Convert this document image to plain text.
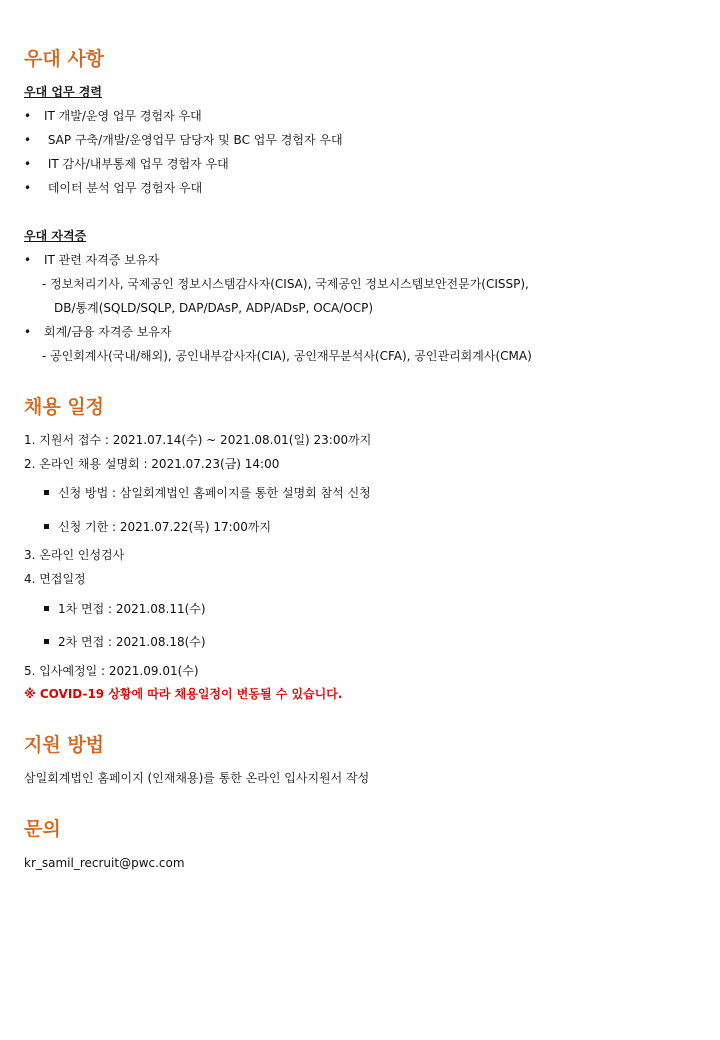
우대 사항
우대 업무 경력
• IT 개발/운영 업무 경험자 우대
• SAP 구축/개발/운영업무 담당자 및 BC 업무 경험자 우대
• IT 감사/내부통제 업무 경험자 우대
• 데이터 분석 업무 경험자 우대
우대 자격증
• IT 관련 자격증 보유자
- 정보처리기사, 국제공인 정보시스템감사자(CISA), 국제공인 정보시스템보안전문가(CISSP),
DB/통계(SQLD/SQLP, DAP/DAsP, ADP/ADsP, OCA/OCP)
• 회계/금융 자격증 보유자
- 공인회계사(국내/해외), 공인내부감사자(CIA), 공인재무분석사(CFA), 공인관리회계사(CMA)
채용 일정
1. 지원서 접수 : 2021.07.14(수) ~ 2021.08.01(일) 23:00까지
2. 온라인 채용 설명회 : 2021.07.23(금) 14:00
신청 방법 : 삼일회계법인 홈페이지를 통한 설명회 참석 신청
신청 기한 : 2021.07.22(목) 17:00까지
3. 온라인 인성검사
4. 면접일정
1차 면접 : 2021.08.11(수)
2차 면접 : 2021.08.18(수)
5. 입사예정일 : 2021.09.01(수)
※ COVID-19 상황에 따라 채용일정이 변동될 수 있습니다.
지원 방법
삼일회계법인 홈페이지 (인재채용)를 통한 온라인 입사지원서 작성
문의
kr_samil_recruit@pwc.com
